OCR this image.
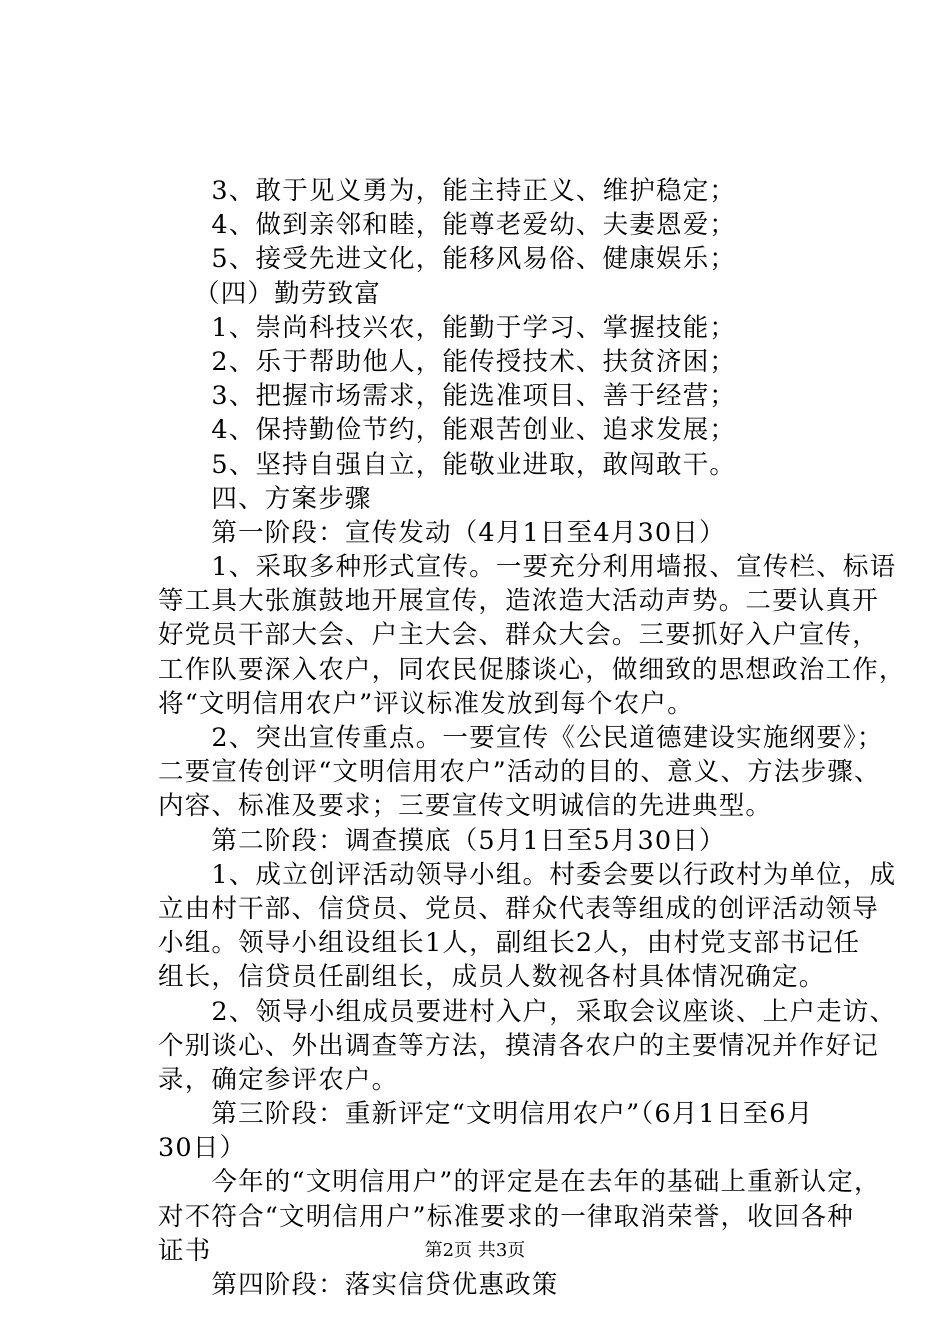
　　3、敢于见义勇为，能主持正义、维护稳定；
　　4、做到亲邻和睦，能尊老爱幼、夫妻恩爱；
　　5、接受先进文化，能移风易俗、健康娱乐；
　 （四）勤劳致富
　　1、崇尚科技兴农，能勤于学习、掌握技能；
　　2、乐于帮助他人，能传授技术、扶贫济困；
　　3、把握市场需求，能选准项目、善于经营；
　　4、保持勤俭节约，能艰苦创业、追求发展；
　　5、坚持自强自立，能敬业进取，敢闯敢干。
　　四、方案步骤
　　第一阶段：宣传发动（4月1日至4月30日）
　　1、采取多种形式宣传。一要充分利用墙报、宣传栏、标语
等工具大张旗鼓地开展宣传，造浓造大活动声势。二要认真开
好党员干部大会、户主大会、群众大会。三要抓好入户宣传，
工作队要深入农户，同农民促膝谈心，做细致的思想政治工作，
将“文明信用农户”评议标准发放到每个农户。
　　2、突出宣传重点。一要宣传《公民道德建设实施纲要》；
二要宣传创评“文明信用农户”活动的目的、意义、方法步骤、
内容、标准及要求；三要宣传文明诚信的先进典型。
　　第二阶段：调查摸底（5月1日至5月30日）
　　1、成立创评活动领导小组。村委会要以行政村为单位，成
立由村干部、信贷员、党员、群众代表等组成的创评活动领导
小组。领导小组设组长1人，副组长2人，由村党支部书记任
组长，信贷员任副组长，成员人数视各村具体情况确定。
　　2、领导小组成员要进村入户，采取会议座谈、上户走访、
个别谈心、外出调查等方法，摸清各农户的主要情况并作好记
录，确定参评农户。
　　第三阶段：重新评定“文明信用农户”（6月1日至6月
30日）
　　今年的“文明信用户”的评定是在去年的基础上重新认定，
对不符合“文明信用户”标准要求的一律取消荣誉，收回各种
证书
　　第四阶段：落实信贷优惠政策
第2页 共3页
